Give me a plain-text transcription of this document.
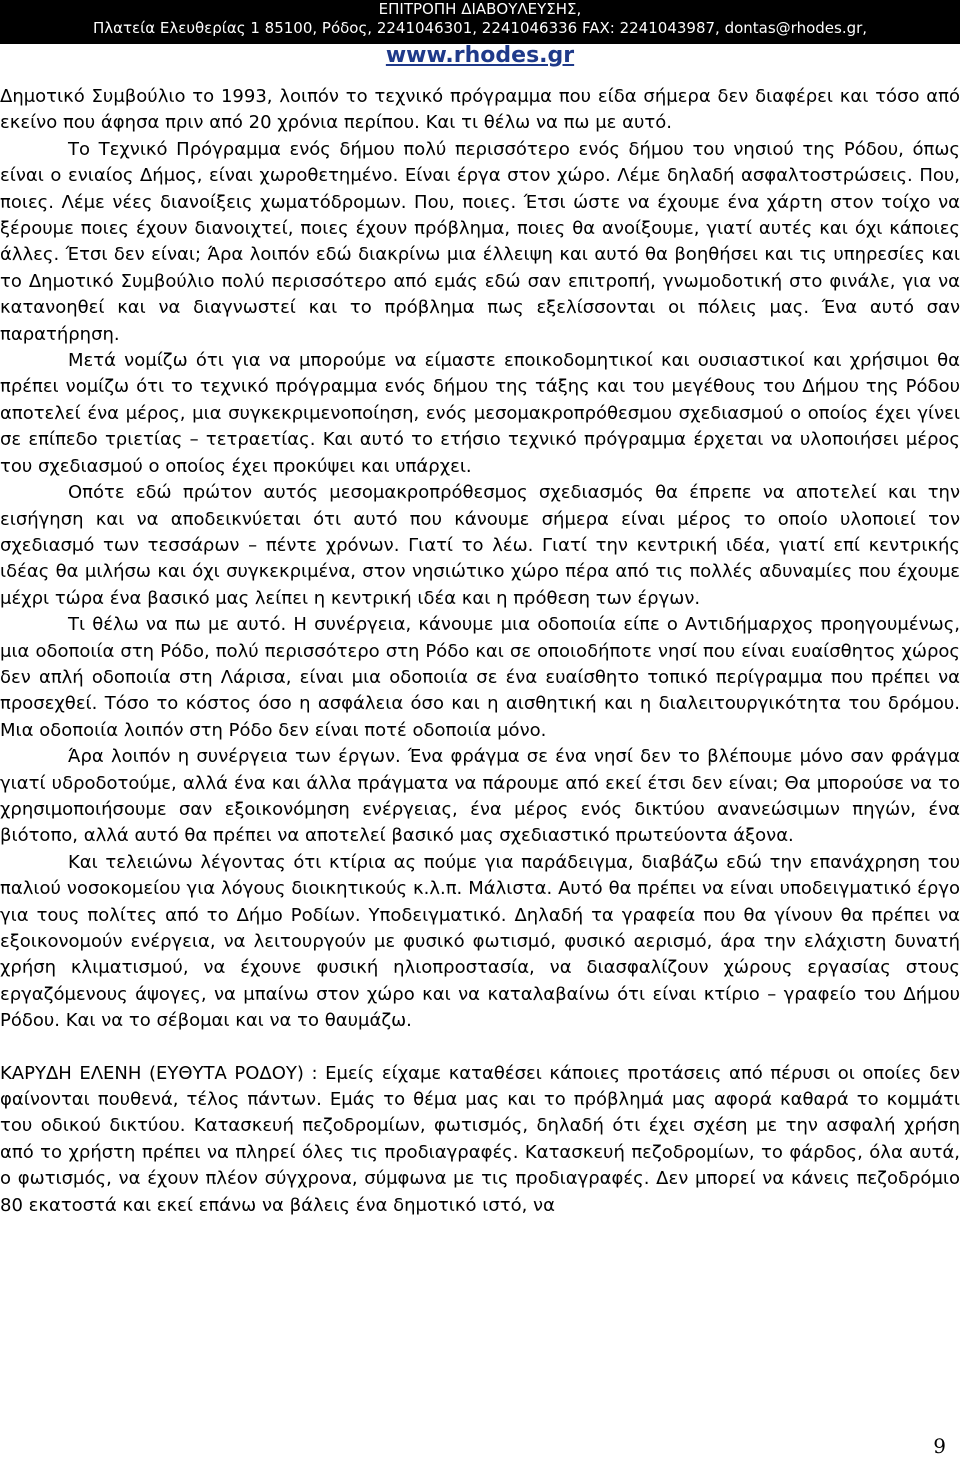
ΕΠΙΤΡΟΠΗ ΔΙΑΒΟΥΛΕΥΣΗΣ,
Πλατεία Ελευθερίας 1 85100, Ρόδος, 2241046301, 2241046336 FAX: 2241043987, dontas@rhodes.gr,
www.rhodes.gr

Δημοτικό Συμβούλιο το 1993, λοιπόν το τεχνικό πρόγραμμα που είδα σήμερα δεν διαφέρει και τόσο από εκείνο που άφησα πριν από 20 χρόνια περίπου. Και τι θέλω να πω με αυτό.

Το Τεχνικό Πρόγραμμα ενός δήμου πολύ περισσότερο ενός δήμου του νησιού της Ρόδου, όπως είναι ο ενιαίος Δήμος, είναι χωροθετημένο. Είναι έργα στον χώρο. Λέμε δηλαδή ασφαλτοστρώσεις. Που, ποιες. Λέμε νέες διανοίξεις χωματόδρομων. Που, ποιες. Έτσι ώστε να έχουμε ένα χάρτη στον τοίχο να ξέρουμε ποιες έχουν διανοιχτεί, ποιες έχουν πρόβλημα, ποιες θα ανοίξουμε, γιατί αυτές και όχι κάποιες άλλες. Έτσι δεν είναι; Άρα λοιπόν εδώ διακρίνω μια έλλειψη και αυτό θα βοηθήσει και τις υπηρεσίες και το Δημοτικό Συμβούλιο πολύ περισσότερο από εμάς εδώ σαν επιτροπή, γνωμοδοτική στο φινάλε, για να κατανοηθεί και να διαγνωστεί και το πρόβλημα πως εξελίσσονται οι πόλεις μας. Ένα αυτό σαν παρατήρηση.

Μετά νομίζω ότι για να μπορούμε να είμαστε εποικοδομητικοί και ουσιαστικοί και χρήσιμοι θα πρέπει νομίζω ότι το τεχνικό πρόγραμμα ενός δήμου της τάξης και του μεγέθους του Δήμου της Ρόδου αποτελεί ένα μέρος, μια συγκεκριμενοποίηση, ενός μεσομακροπρόθεσμου σχεδιασμού ο οποίος έχει γίνει σε επίπεδο τριετίας – τετραετίας. Και αυτό το ετήσιο τεχνικό πρόγραμμα έρχεται να υλοποιήσει μέρος του σχεδιασμού ο οποίος έχει προκύψει και υπάρχει.

Οπότε εδώ πρώτον αυτός μεσομακροπρόθεσμος σχεδιασμός θα έπρεπε να αποτελεί και την εισήγηση και να αποδεικνύεται ότι αυτό που κάνουμε σήμερα είναι μέρος το οποίο υλοποιεί τον σχεδιασμό των τεσσάρων – πέντε χρόνων. Γιατί το λέω. Γιατί την κεντρική ιδέα, γιατί επί κεντρικής ιδέας θα μιλήσω και όχι συγκεκριμένα, στον νησιώτικο χώρο πέρα από τις πολλές αδυναμίες που έχουμε μέχρι τώρα ένα βασικό μας λείπει η κεντρική ιδέα και η πρόθεση των έργων.

Τι θέλω να πω με αυτό. Η συνέργεια, κάνουμε μια οδοποιία είπε ο Αντιδήμαρχος προηγουμένως, μια οδοποιία στη Ρόδο, πολύ περισσότερο στη Ρόδο και σε οποιοδήποτε νησί που είναι ευαίσθητος χώρος δεν απλή οδοποιία στη Λάρισα, είναι μια οδοποιία σε ένα ευαίσθητο τοπικό περίγραμμα που πρέπει να προσεχθεί. Τόσο το κόστος όσο η ασφάλεια όσο και η αισθητική και η διαλειτουργικότητα του δρόμου. Μια οδοποιία λοιπόν στη Ρόδο δεν είναι ποτέ οδοποιία μόνο.

Άρα λοιπόν η συνέργεια των έργων. Ένα φράγμα σε ένα νησί δεν το βλέπουμε μόνο σαν φράγμα γιατί υδροδοτούμε, αλλά ένα και άλλα πράγματα να πάρουμε από εκεί έτσι δεν είναι; Θα μπορούσε να το χρησιμοποιήσουμε σαν εξοικονόμηση ενέργειας, ένα μέρος ενός δικτύου ανανεώσιμων πηγών, ένα βιότοπο, αλλά αυτό θα πρέπει να αποτελεί βασικό μας σχεδιαστικό πρωτεύοντα άξονα.

Και τελειώνω λέγοντας ότι κτίρια ας πούμε για παράδειγμα, διαβάζω εδώ την επανάχρηση του παλιού νοσοκομείου για λόγους διοικητικούς κ.λ.π. Μάλιστα. Αυτό θα πρέπει να είναι υποδειγματικό έργο για τους πολίτες από το Δήμο Ροδίων. Υποδειγματικό. Δηλαδή τα γραφεία που θα γίνουν θα πρέπει να εξοικονομούν ενέργεια, να λειτουργούν με φυσικό φωτισμό, φυσικό αερισμό, άρα την ελάχιστη δυνατή χρήση κλιματισμού, να έχουνε φυσική ηλιοπροστασία, να διασφαλίζουν χώρους εργασίας στους εργαζόμενους άψογες, να μπαίνω στον χώρο και να καταλαβαίνω ότι είναι κτίριο – γραφείο του Δήμου Ρόδου. Και να το σέβομαι και να το θαυμάζω.

ΚΑΡΥΔΗ ΕΛΕΝΗ (ΕΥΘΥΤΑ ΡΟΔΟΥ) : Εμείς είχαμε καταθέσει κάποιες προτάσεις από πέρυσι οι οποίες δεν φαίνονται πουθενά, τέλος πάντων. Εμάς το θέμα μας και το πρόβλημά μας αφορά καθαρά το κομμάτι του οδικού δικτύου. Κατασκευή πεζοδρομίων, φωτισμός, δηλαδή ότι έχει σχέση με την ασφαλή χρήση από το χρήστη πρέπει να πληρεί όλες τις προδιαγραφές. Κατασκευή πεζοδρομίων, το φάρδος, όλα αυτά, ο φωτισμός, να έχουν πλέον σύγχρονα, σύμφωνα με τις προδιαγραφές. Δεν μπορεί να κάνεις πεζοδρόμιο 80 εκατοστά και εκεί επάνω να βάλεις ένα δημοτικό ιστό, να

9
